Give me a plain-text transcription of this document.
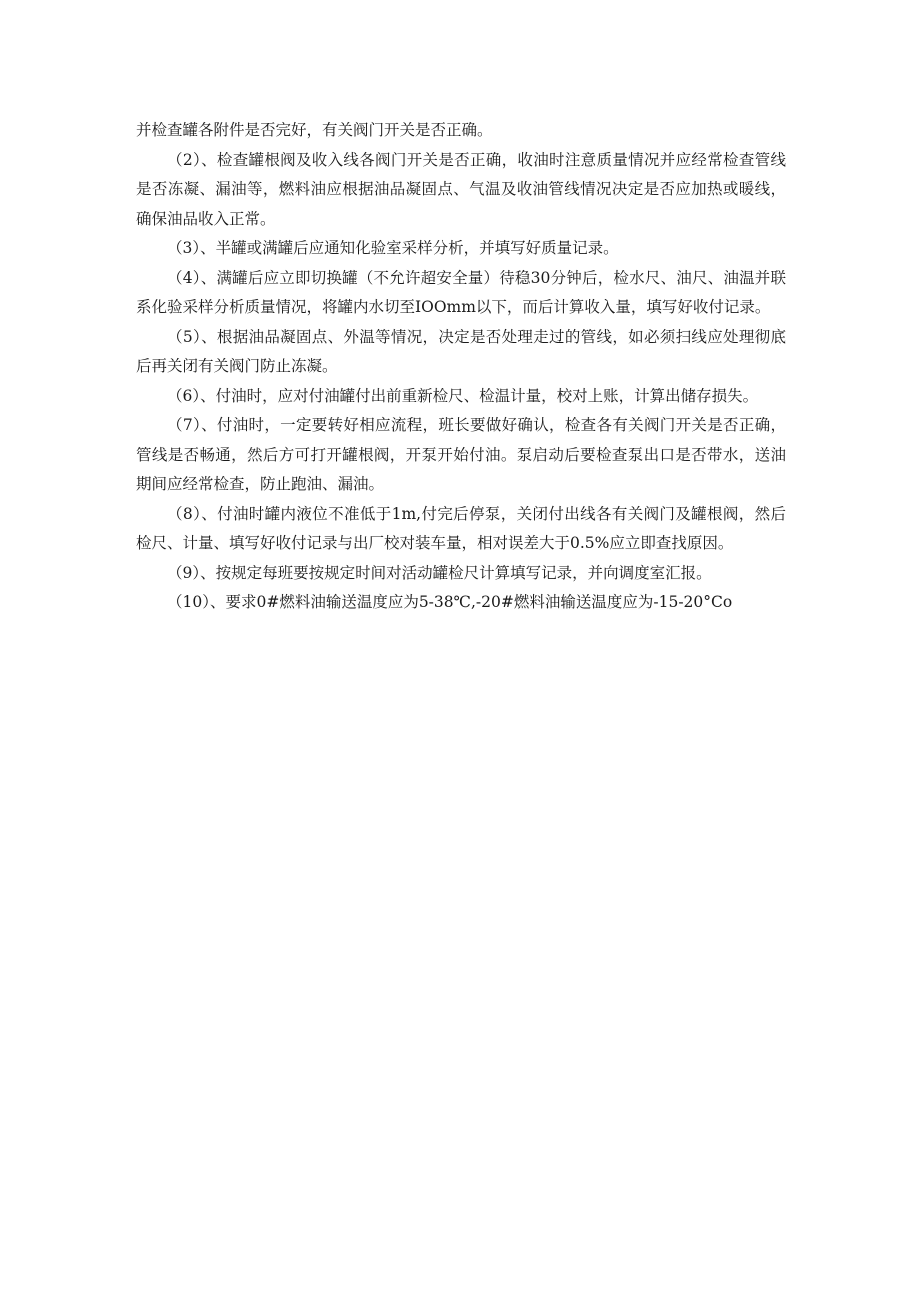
并检查罐各附件是否完好，有关阀门开关是否正确。

（2）、检查罐根阀及收入线各阀门开关是否正确，收油时注意质量情况并应经常检查管线是否冻凝、漏油等，燃料油应根据油品凝固点、气温及收油管线情况决定是否应加热或暖线，确保油品收入正常。

（3）、半罐或满罐后应通知化验室采样分析，并填写好质量记录。

（4）、满罐后应立即切换罐（不允许超安全量）待稳30分钟后，检水尺、油尺、油温并联系化验采样分析质量情况，将罐内水切至IOOmm以下，而后计算收入量，填写好收付记录。

（5）、根据油品凝固点、外温等情况，决定是否处理走过的管线，如必须扫线应处理彻底后再关闭有关阀门防止冻凝。

（6）、付油时，应对付油罐付出前重新检尺、检温计量，校对上账，计算出储存损失。

（7）、付油时，一定要转好相应流程，班长要做好确认，检查各有关阀门开关是否正确，管线是否畅通，然后方可打开罐根阀，开泵开始付油。泵启动后要检查泵出口是否带水，送油期间应经常检查，防止跑油、漏油。

（8）、付油时罐内液位不准低于1m,付完后停泵，关闭付出线各有关阀门及罐根阀，然后检尺、计量、填写好收付记录与出厂校对装车量，相对误差大于0.5%应立即查找原因。

（9）、按规定每班要按规定时间对活动罐检尺计算填写记录，并向调度室汇报。

（10）、要求0#燃料油输送温度应为5-38℃,-20#燃料油输送温度应为-15-20°Co
